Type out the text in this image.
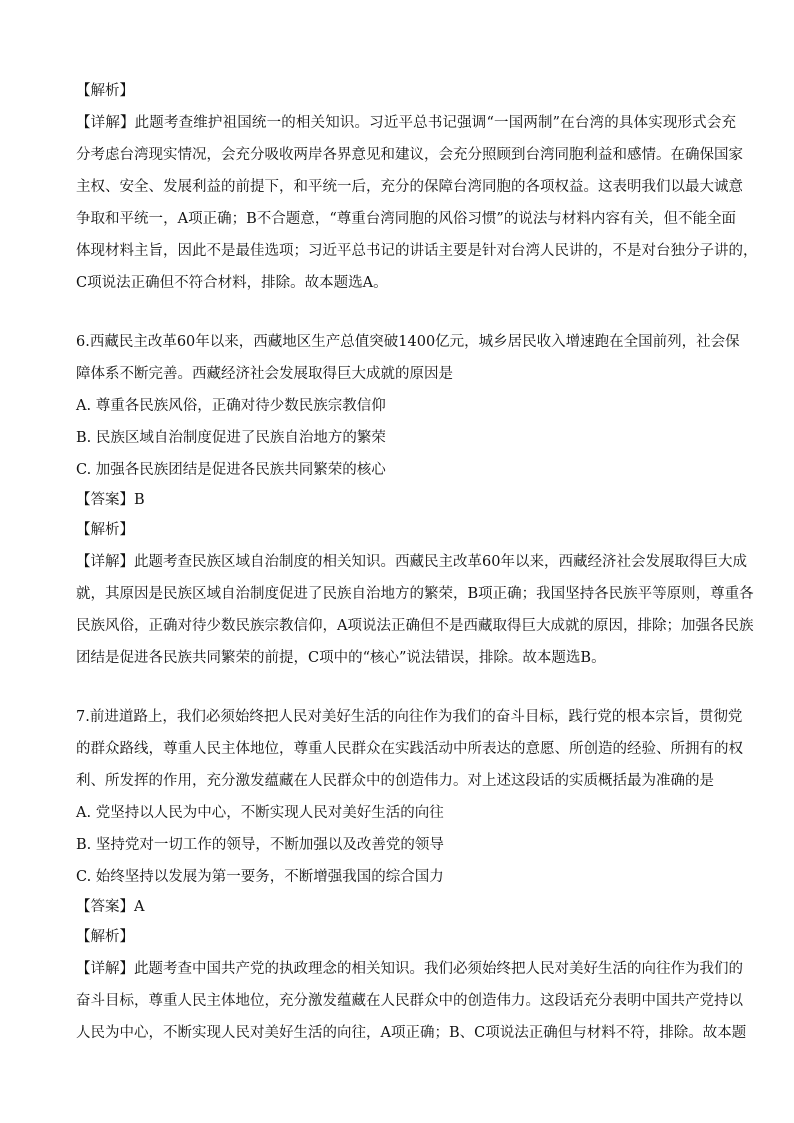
【解析】
【详解】此题考查维护祖国统一的相关知识。习近平总书记强调“一国两制”在台湾的具体实现形式会充
分考虑台湾现实情况，会充分吸收两岸各界意见和建议，会充分照顾到台湾同胞利益和感情。在确保国家
主权、安全、发展利益的前提下，和平统一后，充分的保障台湾同胞的各项权益。这表明我们以最大诚意
争取和平统一，A项正确；B不合题意，“尊重台湾同胞的风俗习惯”的说法与材料内容有关，但不能全面
体现材料主旨，因此不是最佳选项；习近平总书记的讲话主要是针对台湾人民讲的，不是对台独分子讲的，
C项说法正确但不符合材料，排除。故本题选A。
6.西藏民主改革60年以来，西藏地区生产总值突破1400亿元，城乡居民收入增速跑在全国前列，社会保
障体系不断完善。西藏经济社会发展取得巨大成就的原因是
A. 尊重各民族风俗，正确对待少数民族宗教信仰
B. 民族区域自治制度促进了民族自治地方的繁荣
C. 加强各民族团结是促进各民族共同繁荣的核心
【答案】B
【解析】
【详解】此题考查民族区域自治制度的相关知识。西藏民主改革60年以来，西藏经济社会发展取得巨大成
就，其原因是民族区域自治制度促进了民族自治地方的繁荣，B项正确；我国坚持各民族平等原则，尊重各
民族风俗，正确对待少数民族宗教信仰，A项说法正确但不是西藏取得巨大成就的原因，排除；加强各民族
团结是促进各民族共同繁荣的前提，C项中的“核心”说法错误，排除。故本题选B。
7.前进道路上，我们必须始终把人民对美好生活的向往作为我们的奋斗目标，践行党的根本宗旨，贯彻党
的群众路线，尊重人民主体地位，尊重人民群众在实践活动中所表达的意愿、所创造的经验、所拥有的权
利、所发挥的作用，充分激发蕴藏在人民群众中的创造伟力。对上述这段话的实质概括最为准确的是
A. 党坚持以人民为中心，不断实现人民对美好生活的向往
B. 坚持党对一切工作的领导，不断加强以及改善党的领导
C. 始终坚持以发展为第一要务，不断增强我国的综合国力
【答案】A
【解析】
【详解】此题考查中国共产党的执政理念的相关知识。我们必须始终把人民对美好生活的向往作为我们的
奋斗目标，尊重人民主体地位，充分激发蕴藏在人民群众中的创造伟力。这段话充分表明中国共产党持以
人民为中心，不断实现人民对美好生活的向往，A项正确；B、C项说法正确但与材料不符，排除。故本题
